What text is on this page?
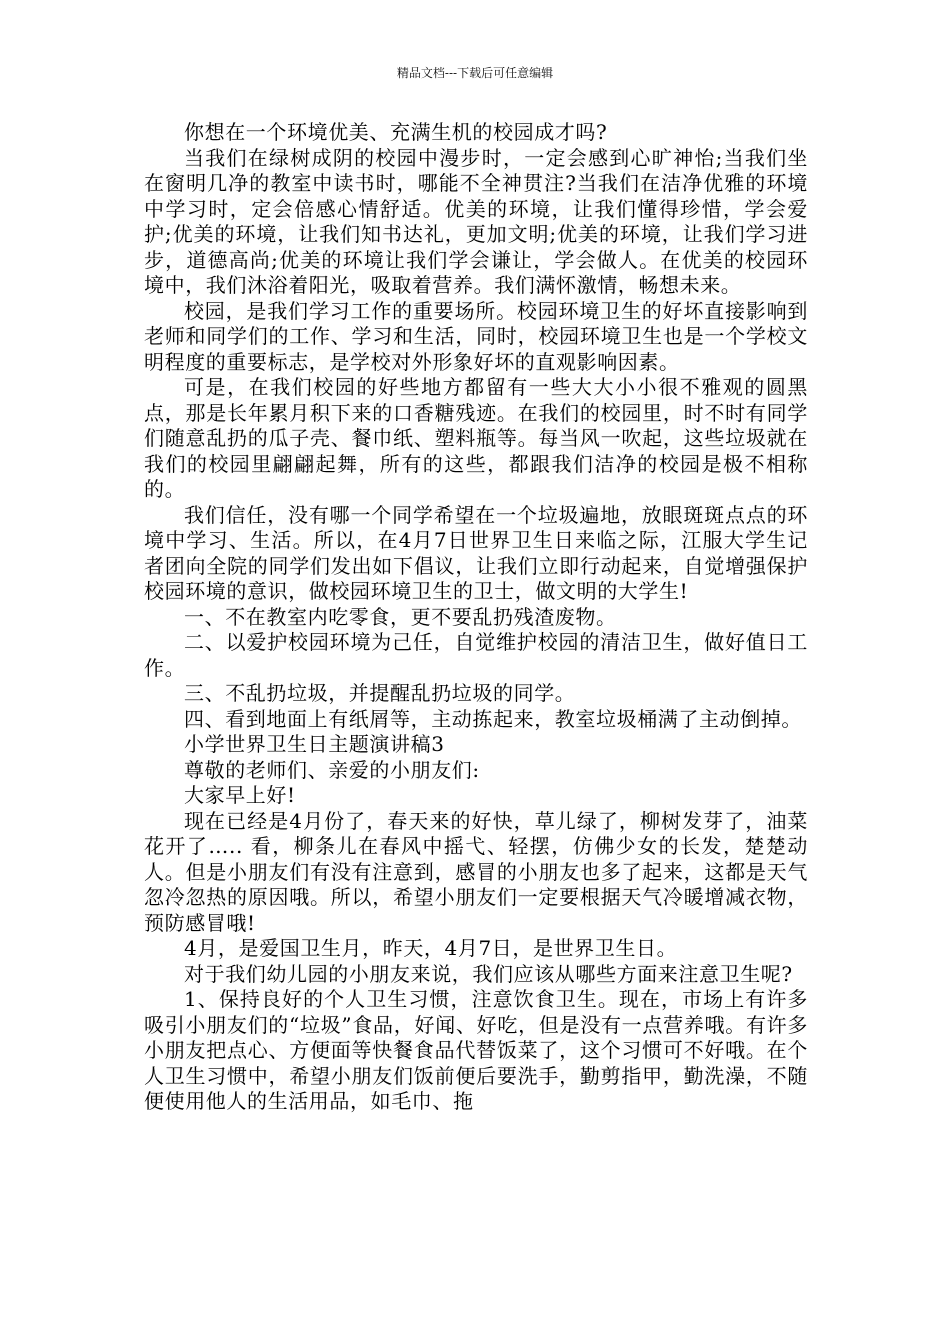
精品文档---下载后可任意编辑

你想在一个环境优美、充满生机的校园成才吗?

当我们在绿树成阴的校园中漫步时，一定会感到心旷神怡;当我们坐在窗明几净的教室中读书时，哪能不全神贯注?当我们在洁净优雅的环境中学习时，定会倍感心情舒适。优美的环境，让我们懂得珍惜，学会爱护;优美的环境，让我们知书达礼，更加文明;优美的环境，让我们学习进步，道德高尚;优美的环境让我们学会谦让，学会做人。在优美的校园环境中，我们沐浴着阳光，吸取着营养。我们满怀激情，畅想未来。

校园，是我们学习工作的重要场所。校园环境卫生的好坏直接影响到老师和同学们的工作、学习和生活，同时，校园环境卫生也是一个学校文明程度的重要标志，是学校对外形象好坏的直观影响因素。

可是，在我们校园的好些地方都留有一些大大小小很不雅观的圆黑点，那是长年累月积下来的口香糖残迹。在我们的校园里，时不时有同学们随意乱扔的瓜子壳、餐巾纸、塑料瓶等。每当风一吹起，这些垃圾就在我们的校园里翩翩起舞，所有的这些，都跟我们洁净的校园是极不相称的。

我们信任，没有哪一个同学希望在一个垃圾遍地，放眼斑斑点点的环境中学习、生活。所以，在4月7日世界卫生日来临之际，江服大学生记者团向全院的同学们发出如下倡议，让我们立即行动起来，自觉增强保护校园环境的意识，做校园环境卫生的卫士，做文明的大学生!

一、不在教室内吃零食，更不要乱扔残渣废物。

二、以爱护校园环境为己任，自觉维护校园的清洁卫生，做好值日工作。

三、不乱扔垃圾，并提醒乱扔垃圾的同学。

四、看到地面上有纸屑等，主动拣起来，教室垃圾桶满了主动倒掉。

小学世界卫生日主题演讲稿3

尊敬的老师们、亲爱的小朋友们:

大家早上好!

现在已经是4月份了，春天来的好快，草儿绿了，柳树发芽了，油菜花开了….. 看，柳条儿在春风中摇弋、轻摆，仿佛少女的长发，楚楚动人。但是小朋友们有没有注意到，感冒的小朋友也多了起来，这都是天气忽冷忽热的原因哦。所以，希望小朋友们一定要根据天气冷暖增减衣物，预防感冒哦!

4月，是爱国卫生月，昨天，4月7日，是世界卫生日。

对于我们幼儿园的小朋友来说，我们应该从哪些方面来注意卫生呢?

1、保持良好的个人卫生习惯，注意饮食卫生。现在，市场上有许多吸引小朋友们的“垃圾”食品，好闻、好吃，但是没有一点营养哦。有许多小朋友把点心、方便面等快餐食品代替饭菜了，这个习惯可不好哦。在个人卫生习惯中，希望小朋友们饭前便后要洗手，勤剪指甲，勤洗澡，不随便使用他人的生活用品，如毛巾、拖
